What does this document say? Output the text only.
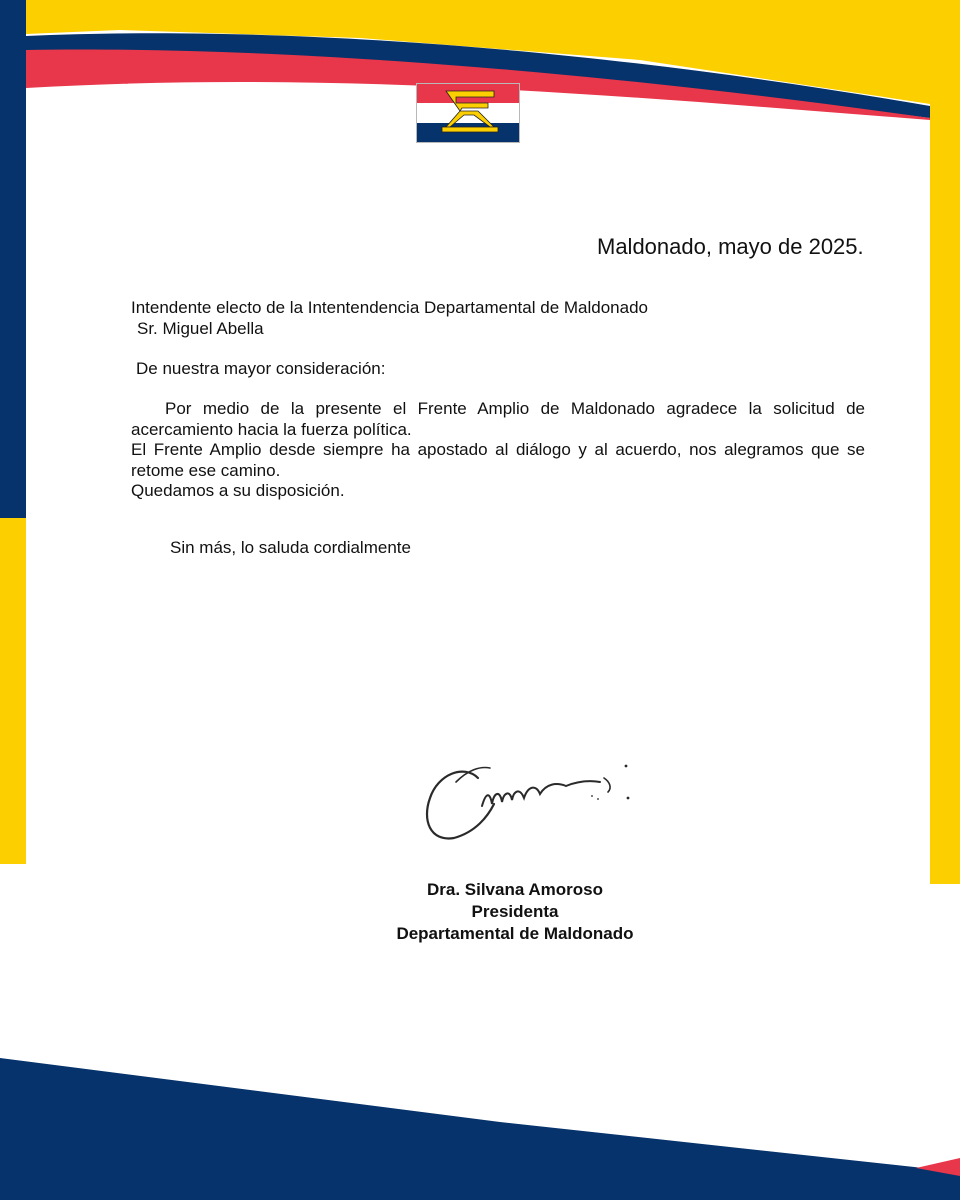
Maldonado, mayo de 2025.

Intendente electo de la Intentendencia Departamental de Maldonado

Sr. Miguel Abella

De nuestra mayor consideración:

Por medio de la presente el Frente Amplio de Maldonado agradece la solicitud de acercamiento hacia la fuerza política.

El Frente Amplio desde siempre ha apostado al diálogo y al acuerdo, nos alegramos que se retome ese camino.

Quedamos a su disposición.

Sin más, lo saluda cordialmente

Dra. Silvana Amoroso

Presidenta

Departamental de Maldonado
